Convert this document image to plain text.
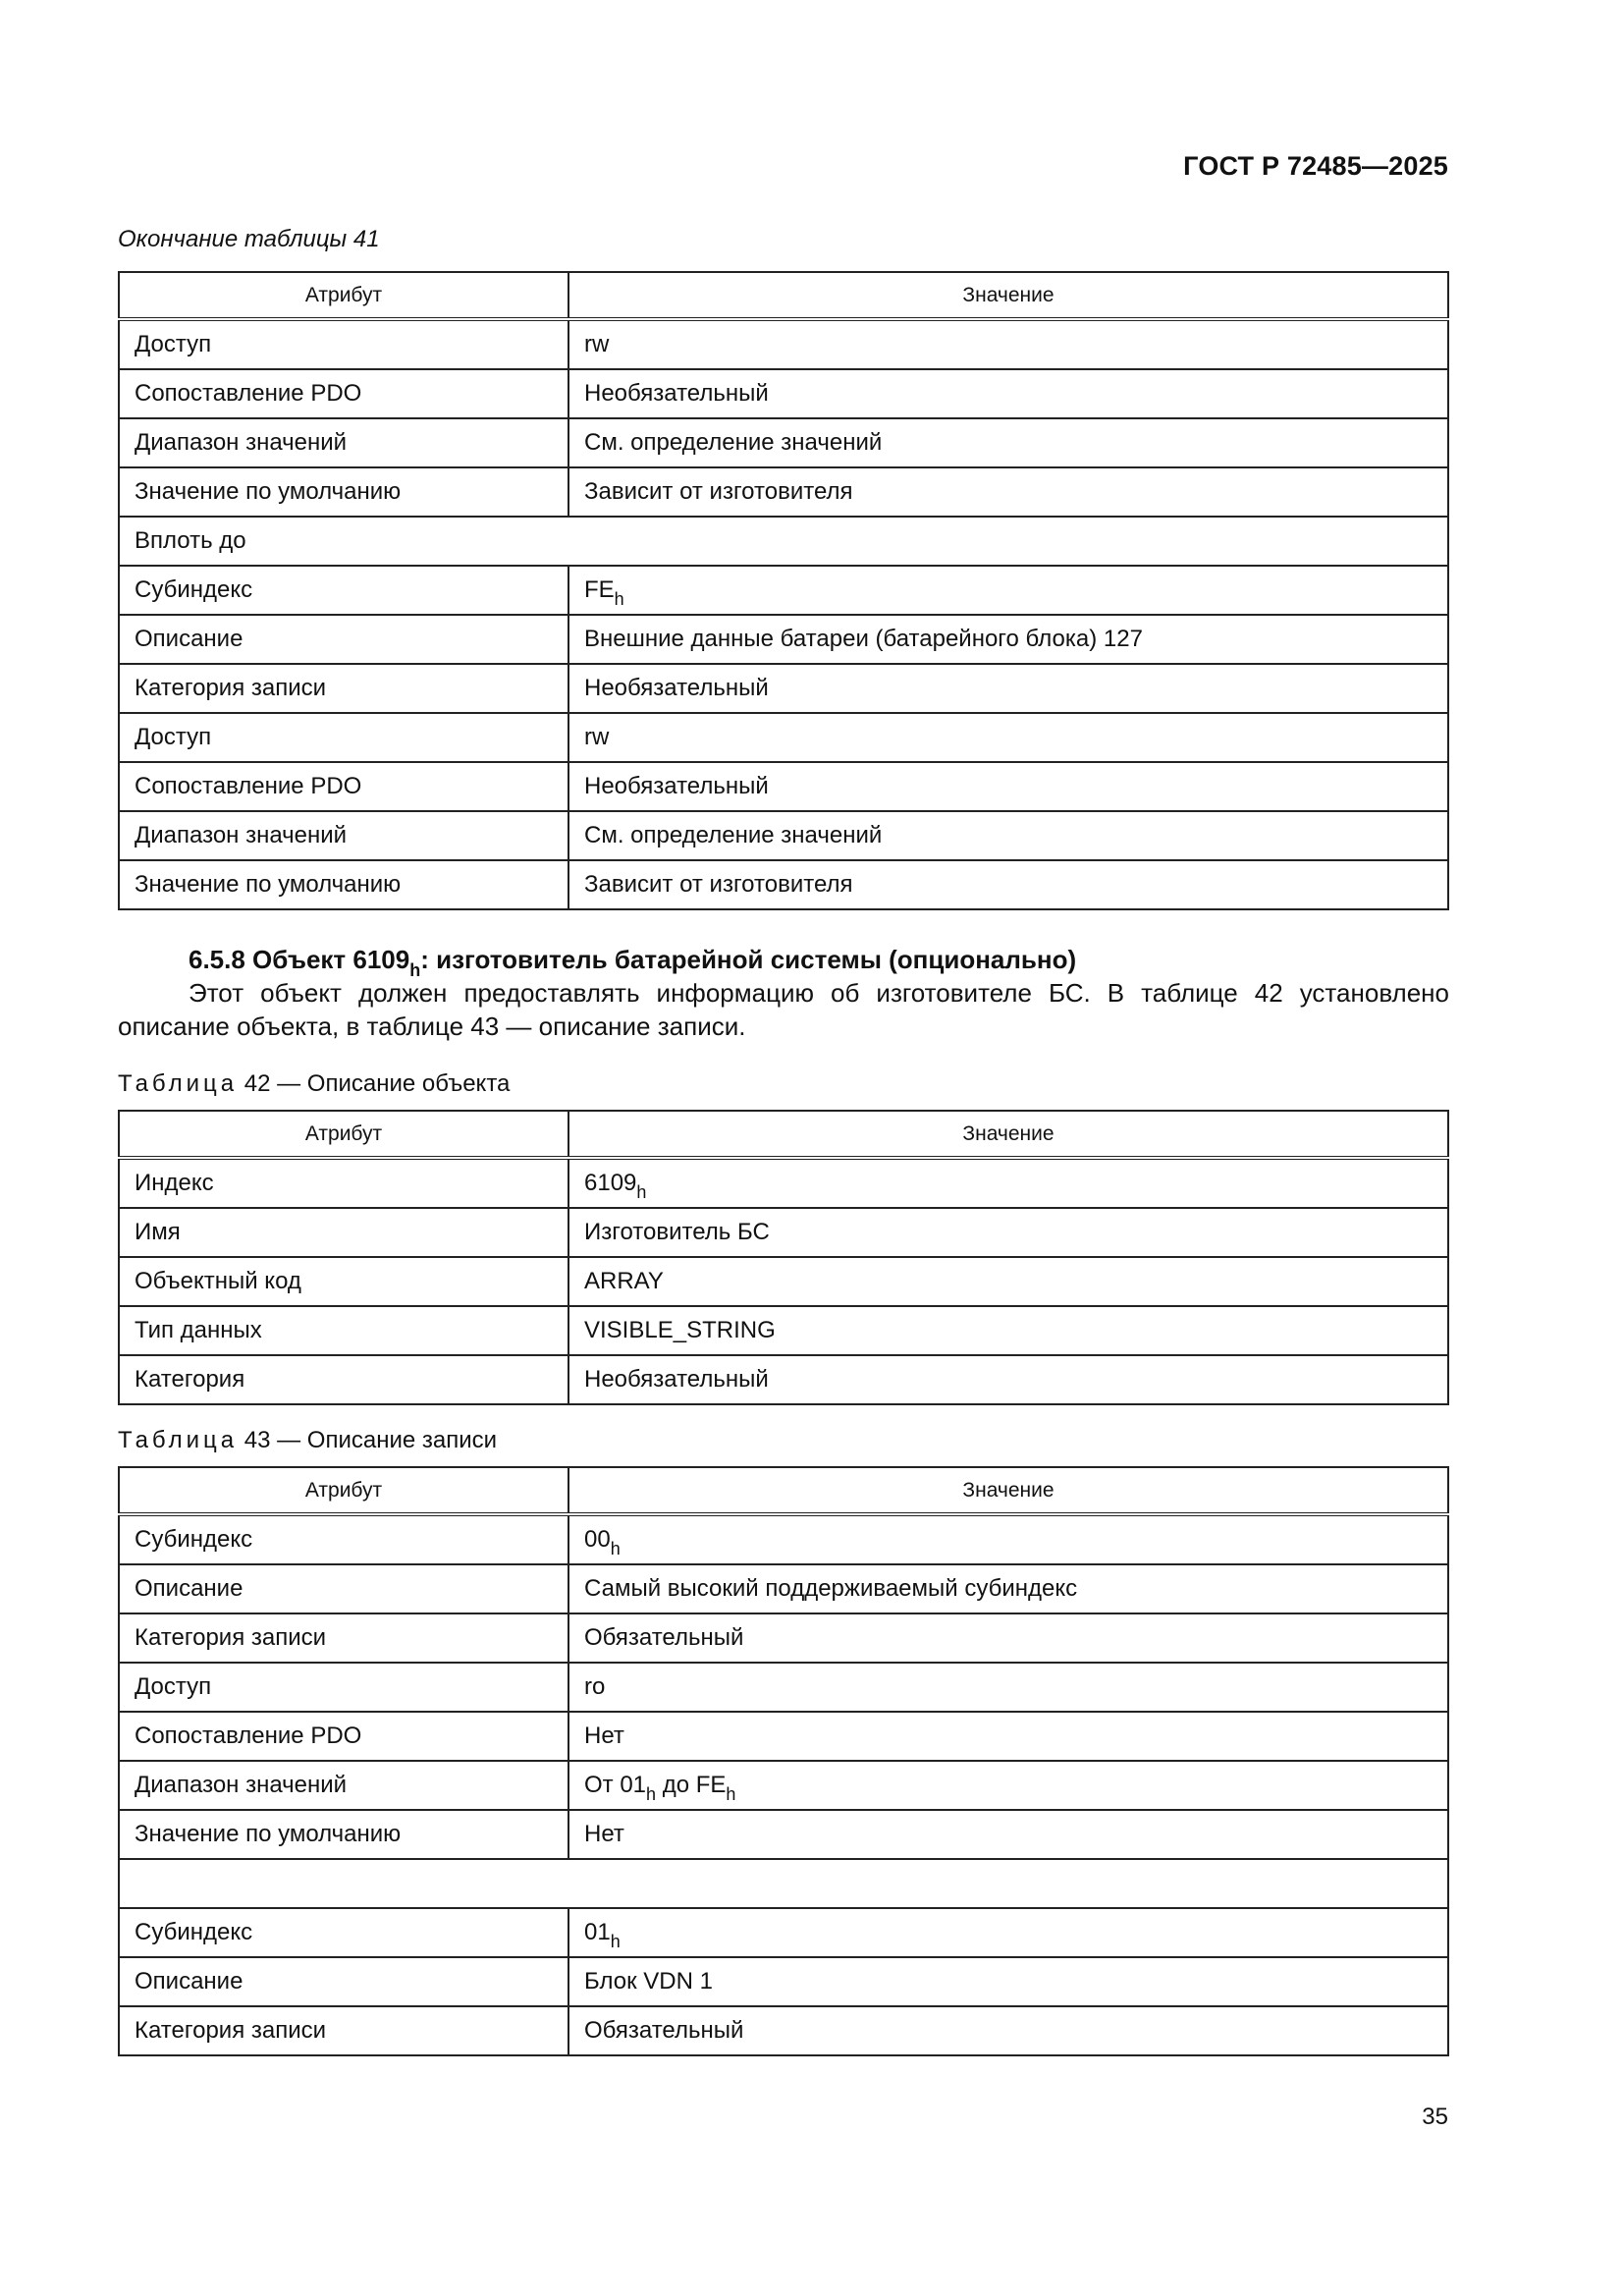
ГОСТ Р 72485—2025
Окончание таблицы 41
Атрибут	Значение
Доступ	rw
Сопоставление PDO	Необязательный
Диапазон значений	См. определение значений
Значение по умолчанию	Зависит от изготовителя
Вплоть до	
Субиндекс	$FE_h$
Описание	Внешние данные батареи (батарейного блока) 127
Категория записи	Необязательный
Доступ	rw
Сопоставление PDO	Необязательный
Диапазон значений	См. определение значений
Значение по умолчанию	Зависит от изготовителя
6.5.8 Объект $6109_h$: изготовитель батарейной системы (опционально)

Этот объект должен предоставлять информацию об изготовителе БС. В таблице 42 установлено описание объекта, в таблице 43 — описание записи.

Таблица 42 — Описание объекта
Атрибут	Значение
Индекс	$6109_h$
Имя	Изготовитель БС
Объектный код	ARRAY
Тип данных	VISIBLE_STRING
Категория	Необязательный
Таблица 43 — Описание записи
Атрибут	Значение
Субиндекс	$00_h$
Описание	Самый высокий поддерживаемый субиндекс
Категория записи	Обязательный
Доступ	ro
Сопоставление PDO	Нет
Диапазон значений	От $01_h$ до $FE_h$
Значение по умолчанию	Нет

Субиндекс	$01_h$
Описание	Блок VDN 1
Категория записи	Обязательный
35
